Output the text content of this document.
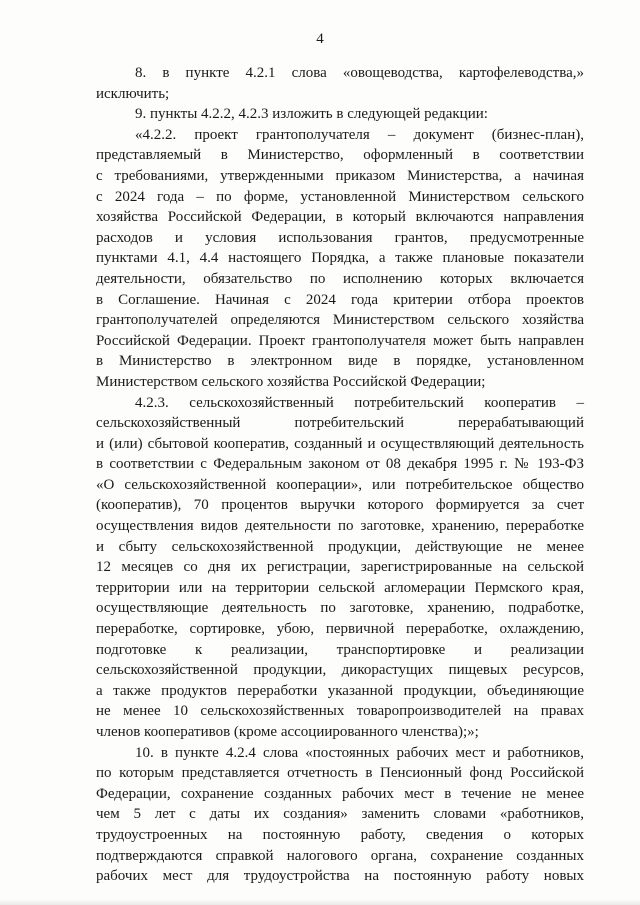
4
8. в пункте 4.2.1 слова «овощеводства, картофелеводства,»
исключить;
9. пункты 4.2.2, 4.2.3 изложить в следующей редакции:
«4.2.2. проект грантополучателя – документ (бизнес-план),
представляемый в Министерство, оформленный в соответствии
с требованиями, утвержденными приказом Министерства, а начиная
с 2024 года – по форме, установленной Министерством сельского
хозяйства Российской Федерации, в который включаются направления
расходов и условия использования грантов, предусмотренные
пунктами 4.1, 4.4 настоящего Порядка, а также плановые показатели
деятельности, обязательство по исполнению которых включается
в Соглашение. Начиная с 2024 года критерии отбора проектов
грантополучателей определяются Министерством сельского хозяйства
Российской Федерации. Проект грантополучателя может быть направлен
в Министерство в электронном виде в порядке, установленном
Министерством сельского хозяйства Российской Федерации;
4.2.3. сельскохозяйственный потребительский кооператив –
сельскохозяйственный потребительский перерабатывающий
и (или) сбытовой кооператив, созданный и осуществляющий деятельность
в соответствии с Федеральным законом от 08 декабря 1995 г. № 193-ФЗ
«О сельскохозяйственной кооперации», или потребительское общество
(кооператив), 70 процентов выручки которого формируется за счет
осуществления видов деятельности по заготовке, хранению, переработке
и сбыту сельскохозяйственной продукции, действующие не менее
12 месяцев со дня их регистрации, зарегистрированные на сельской
территории или на территории сельской агломерации Пермского края,
осуществляющие деятельность по заготовке, хранению, подработке,
переработке, сортировке, убою, первичной переработке, охлаждению,
подготовке к реализации, транспортировке и реализации
сельскохозяйственной продукции, дикорастущих пищевых ресурсов,
а также продуктов переработки указанной продукции, объединяющие
не менее 10 сельскохозяйственных товаропроизводителей на правах
членов кооперативов (кроме ассоциированного членства);»;
10. в пункте 4.2.4 слова «постоянных рабочих мест и работников,
по которым представляется отчетность в Пенсионный фонд Российской
Федерации, сохранение созданных рабочих мест в течение не менее
чем 5 лет с даты их создания» заменить словами «работников,
трудоустроенных на постоянную работу, сведения о которых
подтверждаются справкой налогового органа, сохранение созданных
рабочих мест для трудоустройства на постоянную работу новых
